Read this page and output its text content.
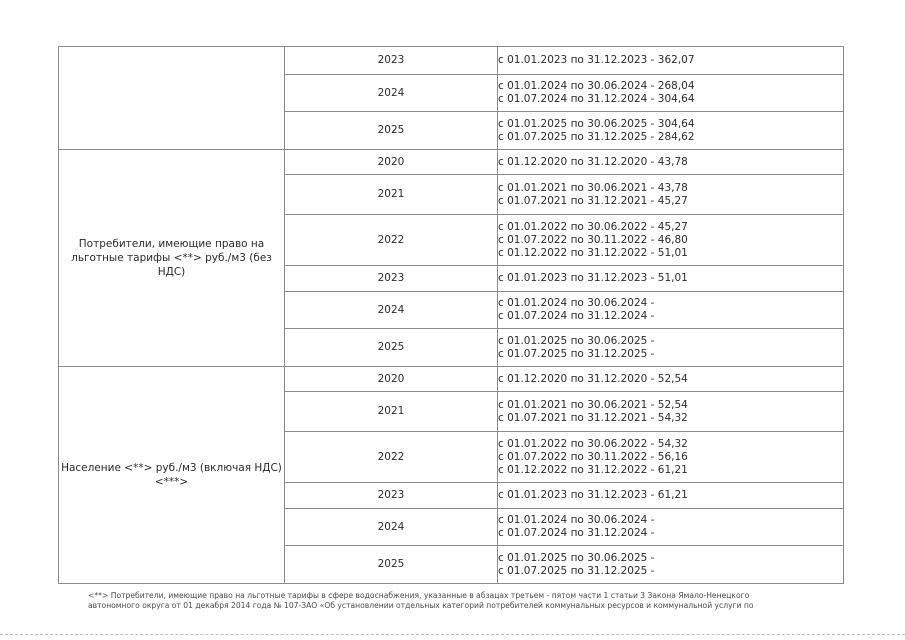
	2023	с 01.01.2023 по 31.12.2023 - 362,07

	2024	с 01.01.2024 по 30.06.2024 - 268,04
с 01.07.2024 по 31.12.2024 - 304,64

	2025	с 01.01.2025 по 30.06.2025 - 304,64
с 01.07.2025 по 31.12.2025 - 284,62

Потребители, имеющие право на льготные тарифы <**> руб./м3 (без НДС)	2020	с 01.12.2020 по 31.12.2020 - 43,78

	2021	с 01.01.2021 по 30.06.2021 - 43,78
с 01.07.2021 по 31.12.2021 - 45,27

	2022	с 01.01.2022 по 30.06.2022 - 45,27
с 01.07.2022 по 30.11.2022 - 46,80
с 01.12.2022 по 31.12.2022 - 51,01

	2023	с 01.01.2023 по 31.12.2023 - 51,01

	2024	с 01.01.2024 по 30.06.2024 -
с 01.07.2024 по 31.12.2024 -

	2025	с 01.01.2025 по 30.06.2025 -
с 01.07.2025 по 31.12.2025 -

Население <**> руб./м3 (включая НДС) <***>	2020	с 01.12.2020 по 31.12.2020 - 52,54

	2021	с 01.01.2021 по 30.06.2021 - 52,54
с 01.07.2021 по 31.12.2021 - 54,32

	2022	с 01.01.2022 по 30.06.2022 - 54,32
с 01.07.2022 по 30.11.2022 - 56,16
с 01.12.2022 по 31.12.2022 - 61,21

	2023	с 01.01.2023 по 31.12.2023 - 61,21

	2024	с 01.01.2024 по 30.06.2024 -
с 01.07.2024 по 31.12.2024 -

	2025	с 01.01.2025 по 30.06.2025 -
с 01.07.2025 по 31.12.2025 -

<**> Потребители, имеющие право на льготные тарифы в сфере водоснабжения, указанные в абзацах третьем - пятом части 1 статьи 3 Закона Ямало-Ненецкого
автономного округа от 01 декабря 2014 года № 107-ЗАО «Об установлении отдельных категорий потребителей коммунальных ресурсов и коммунальной услуги по
